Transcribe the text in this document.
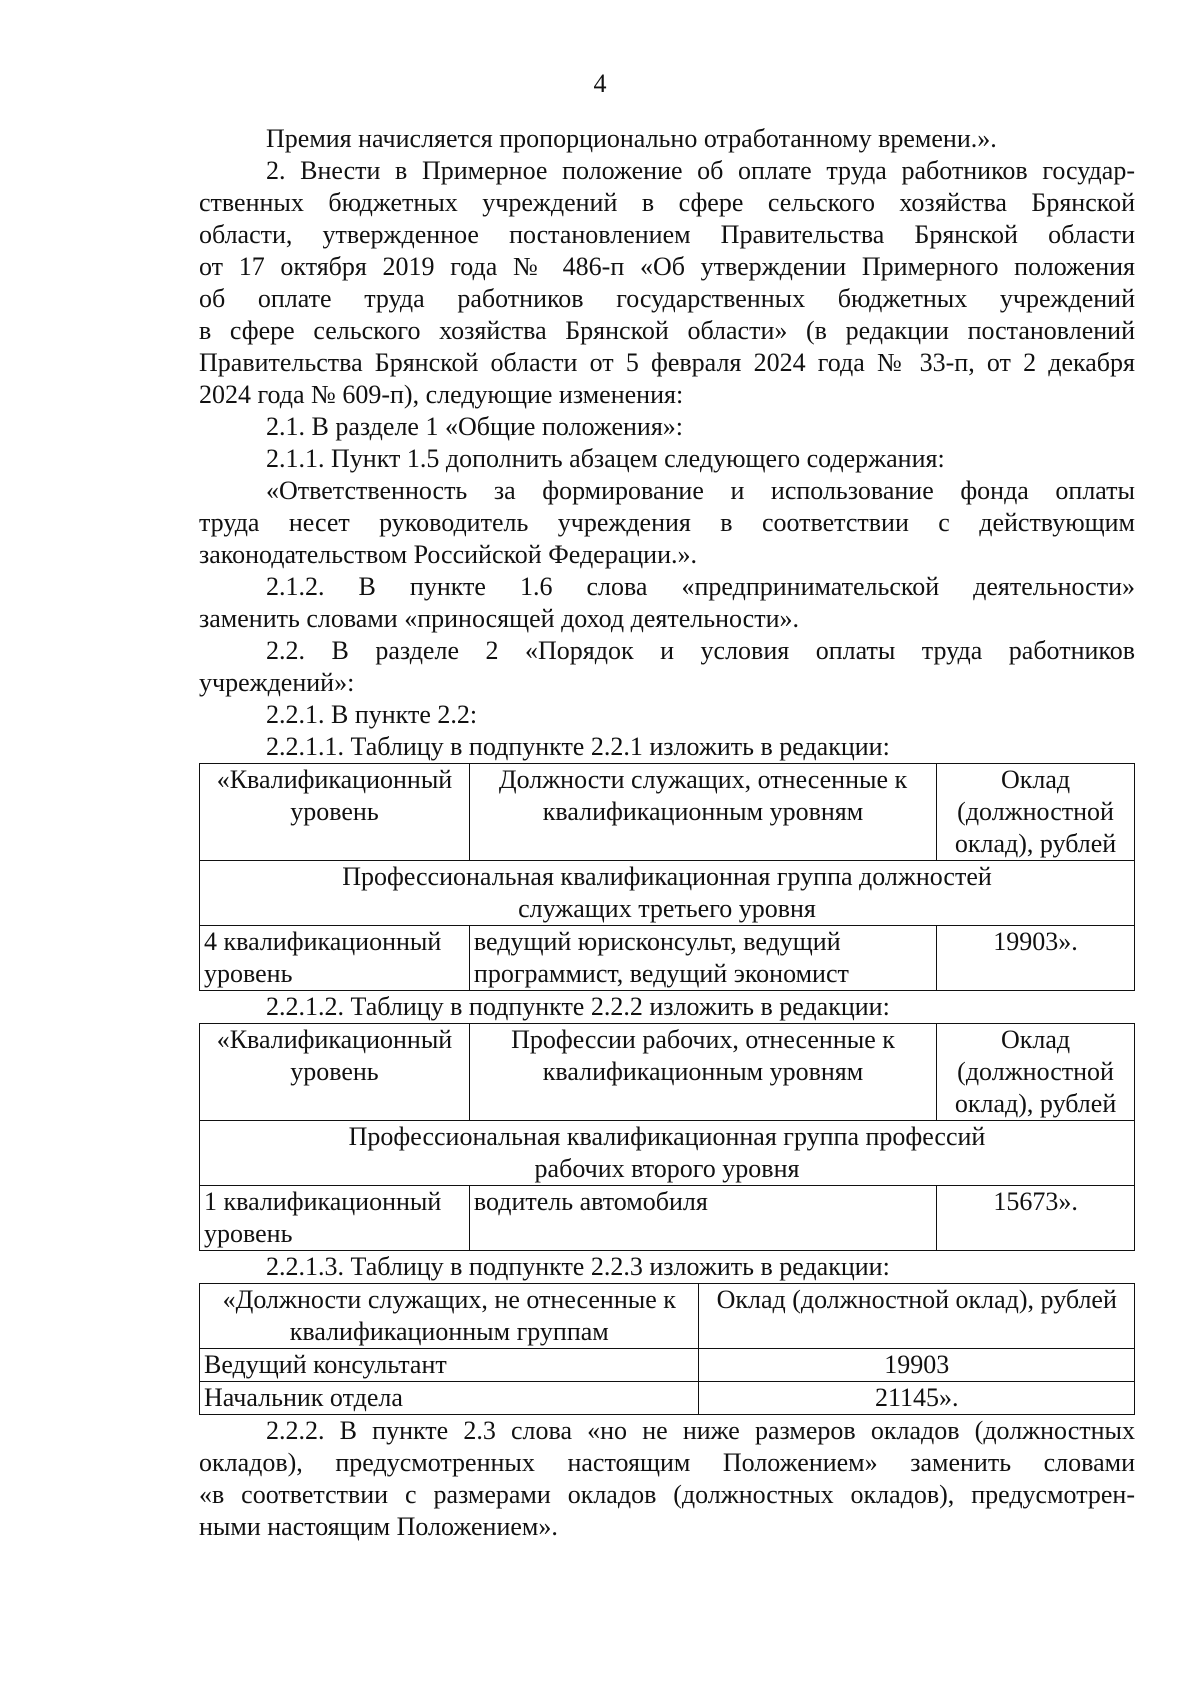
4

Премия начисляется пропорционально отработанному времени.».

2. Внести в Примерное положение об оплате труда работников государ-
ственных бюджетных учреждений в сфере сельского хозяйства Брянской
области, утвержденное постановлением Правительства Брянской области
от 17 октября 2019 года № 486-п «Об утверждении Примерного положения
об оплате труда работников государственных бюджетных учреждений
в сфере сельского хозяйства Брянской области» (в редакции постановлений
Правительства Брянской области от 5 февраля 2024 года № 33-п, от 2 декабря
2024 года № 609-п), следующие изменения:

2.1. В разделе 1 «Общие положения»:

2.1.1. Пункт 1.5 дополнить абзацем следующего содержания:

«Ответственность за формирование и использование фонда оплаты
труда несет руководитель учреждения в соответствии с действующим
законодательством Российской Федерации.».

2.1.2. В пункте 1.6 слова «предпринимательской деятельности»
заменить словами «приносящей доход деятельности».

2.2. В разделе 2 «Порядок и условия оплаты труда работников
учреждений»:

2.2.1. В пункте 2.2:

2.2.1.1. Таблицу в подпункте 2.2.1 изложить в редакции:

«Квалификационный уровень	Должности служащих, отнесенные к квалификационным уровням	Оклад (должностной оклад), рублей
Профессиональная квалификационная группа должностей служащих третьего уровня		
4 квалификационный уровень	ведущий юрисконсульт, ведущий программист, ведущий экономист	19903».

2.2.1.2. Таблицу в подпункте 2.2.2 изложить в редакции:

«Квалификационный уровень	Профессии рабочих, отнесенные к квалификационным уровням	Оклад (должностной оклад), рублей
Профессиональная квалификационная группа профессий рабочих второго уровня		
1 квалификационный уровень	водитель автомобиля	15673».

2.2.1.3. Таблицу в подпункте 2.2.3 изложить в редакции:

«Должности служащих, не отнесенные к квалификационным группам	Оклад (должностной оклад), рублей
Ведущий консультант	19903
Начальник отдела	21145».

2.2.2. В пункте 2.3 слова «но не ниже размеров окладов (должностных
окладов), предусмотренных настоящим Положением» заменить словами
«в соответствии с размерами окладов (должностных окладов), предусмотрен-
ными настоящим Положением».
